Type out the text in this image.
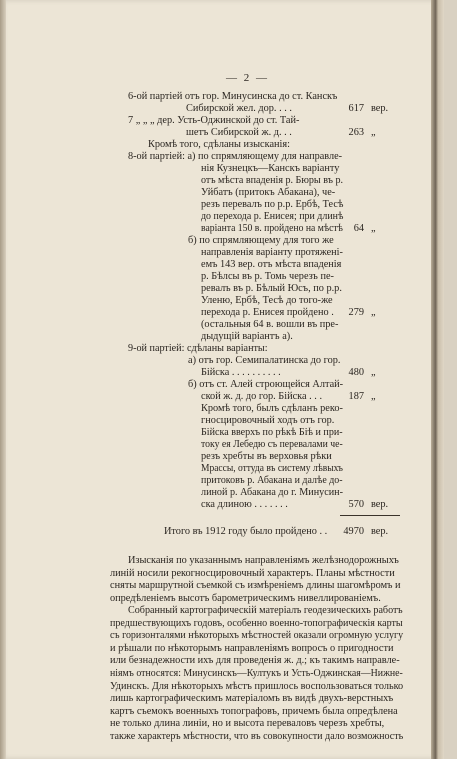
— 2 —
6-ой партіей отъ гор. Минусинска до ст. Канскъ
Сибирской жел. дор. . . .
7 „ „ „ дер. Усть-Оджинской до ст. Тай-
шетъ Сибирской ж. д. . .
Кромѣ того, сдѣланы изысканія:
8-ой партіей: а) по спрямляющему для направле-
нія Кузнецкъ—Канскъ варіанту
отъ мѣста впаденія р. Бюры въ р.
Уйбатъ (притокъ Абакана), че-
резъ перевалъ по р.р. Ербѣ, Тесѣ
до перехода р. Енисея; при длинѣ
варіанта 150 в. пройдено на мѣстѣ
б) по спрямляющему для того же
направленія варіанту протяженi-
емъ 143 вер. отъ мѣста впаденія
р. Бѣлсы въ р. Томь черезъ пе-
ревалъ въ р. Бѣлый Юсъ, по р.р.
Уленю, Ербѣ, Тесѣ до того-же
перехода р. Енисея пройдено .
(остальныя 64 в. вошли въ пре-
дыдущій варіантъ а).
9-ой партіей: сдѣланы варіанты:
а) отъ гор. Семипалатинска до гор.
Бійска . . . . . . . . . .
б) отъ ст. Алей строющейся Алтай-
ской ж. д. до гор. Бійска . . .
Кромѣ того, былъ сдѣланъ реко-
гносцировочный ходъ отъ гор.
Бійска вверхъ по рѣкѣ Бiѣ и при-
току ея Лебедю съ перевалами че-
резъ хребты въ верховья рѣки
Мрассы, оттуда въ систему лѣвыхъ
притоковъ р. Абакана и далѣе до-
линой р. Абакана до г. Минусин-
ска длиною . . . . . . .
Итого въ 1912 году было пройдено . .
617 вер.
263 „
64 „
279 „
480 „
187 „
570 вер.
4970 вер.
Изысканія по указаннымъ направленіямъ желѣзнодорожныхъ
линій носили рекогносцировочный характеръ. Планы мѣстности
сняты маршрутной съемкой съ измѣреніемъ длины шагомѣромъ и
опредѣленіемъ высотъ барометрическимъ нивеллированіемъ.
Собранный картографическій матеріалъ геодезическихъ работъ
предшествующихъ годовъ, особенно военно-топографическія карты
съ горизонталями нѣкоторыхъ мѣстностей оказали огромную услугу
и рѣшали по нѣкоторымъ направленіямъ вопросъ о пригодности
или безнадежности ихъ для проведенія ж. д.; къ такимъ направле-
ніямъ относятся: Минусинскъ—Култукъ и Усть-Оджинская—Нижне-
Удинскъ. Для нѣкоторыхъ мѣстъ пришлось воспользоваться только
лишь картографическимъ матеріаломъ въ видѣ двухъ-верстныхъ
картъ съемокъ военныхъ топографовъ, причемъ была опредѣлена
не только длина линіи, но и высота переваловъ черезъ хребты,
также характеръ мѣстности, что въ совокупности дало возможность
